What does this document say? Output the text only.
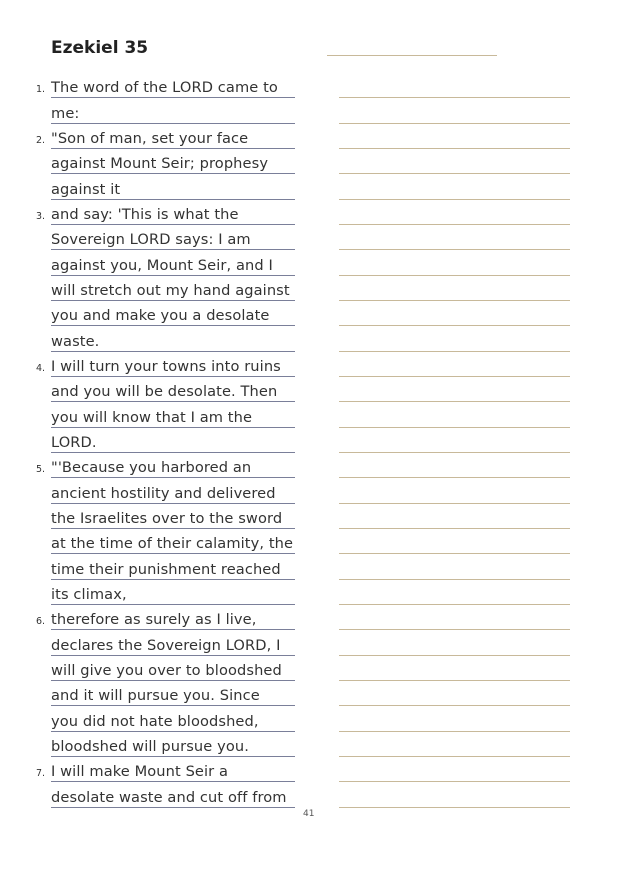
Ezekiel 35
1. The word of the LORD came to
me:
2. "Son of man, set your face
against Mount Seir; prophesy
against it
3. and say: 'This is what the
Sovereign LORD says: I am
against you, Mount Seir, and I
will stretch out my hand against
you and make you a desolate
waste.
4. I will turn your towns into ruins
and you will be desolate. Then
you will know that I am the
LORD.
5. "'Because you harbored an
ancient hostility and delivered
the Israelites over to the sword
at the time of their calamity, the
time their punishment reached
its climax,
6. therefore as surely as I live,
declares the Sovereign LORD, I
will give you over to bloodshed
and it will pursue you. Since
you did not hate bloodshed,
bloodshed will pursue you.
7. I will make Mount Seir a
desolate waste and cut off from
41
